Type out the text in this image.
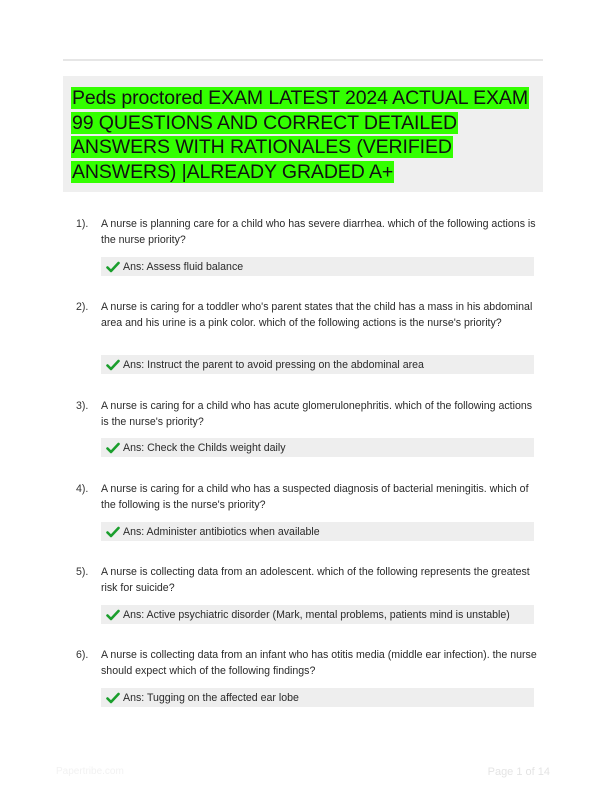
Peds proctored EXAM LATEST 2024 ACTUAL EXAM 99 QUESTIONS AND CORRECT DETAILED ANSWERS WITH RATIONALES (VERIFIED ANSWERS) |ALREADY GRADED A+
1). A nurse is planning care for a child who has severe diarrhea. which of the following actions is the nurse priority?
Ans: Assess fluid balance
2). A nurse is caring for a toddler who's parent states that the child has a mass in his abdominal area and his urine is a pink color. which of the following actions is the nurse's priority?
Ans: Instruct the parent to avoid pressing on the abdominal area
3). A nurse is caring for a child who has acute glomerulonephritis. which of the following actions is the nurse's priority?
Ans: Check the Childs weight daily
4). A nurse is caring for a child who has a suspected diagnosis of bacterial meningitis. which of the following is the nurse's priority?
Ans: Administer antibiotics when available
5). A nurse is collecting data from an adolescent. which of the following represents the greatest risk for suicide?
Ans: Active psychiatric disorder (Mark, mental problems, patients mind is unstable)
6). A nurse is collecting data from an infant who has otitis media (middle ear infection). the nurse should expect which of the following findings?
Ans: Tugging on the affected ear lobe
Papertribe.com	Page 1 of 14
